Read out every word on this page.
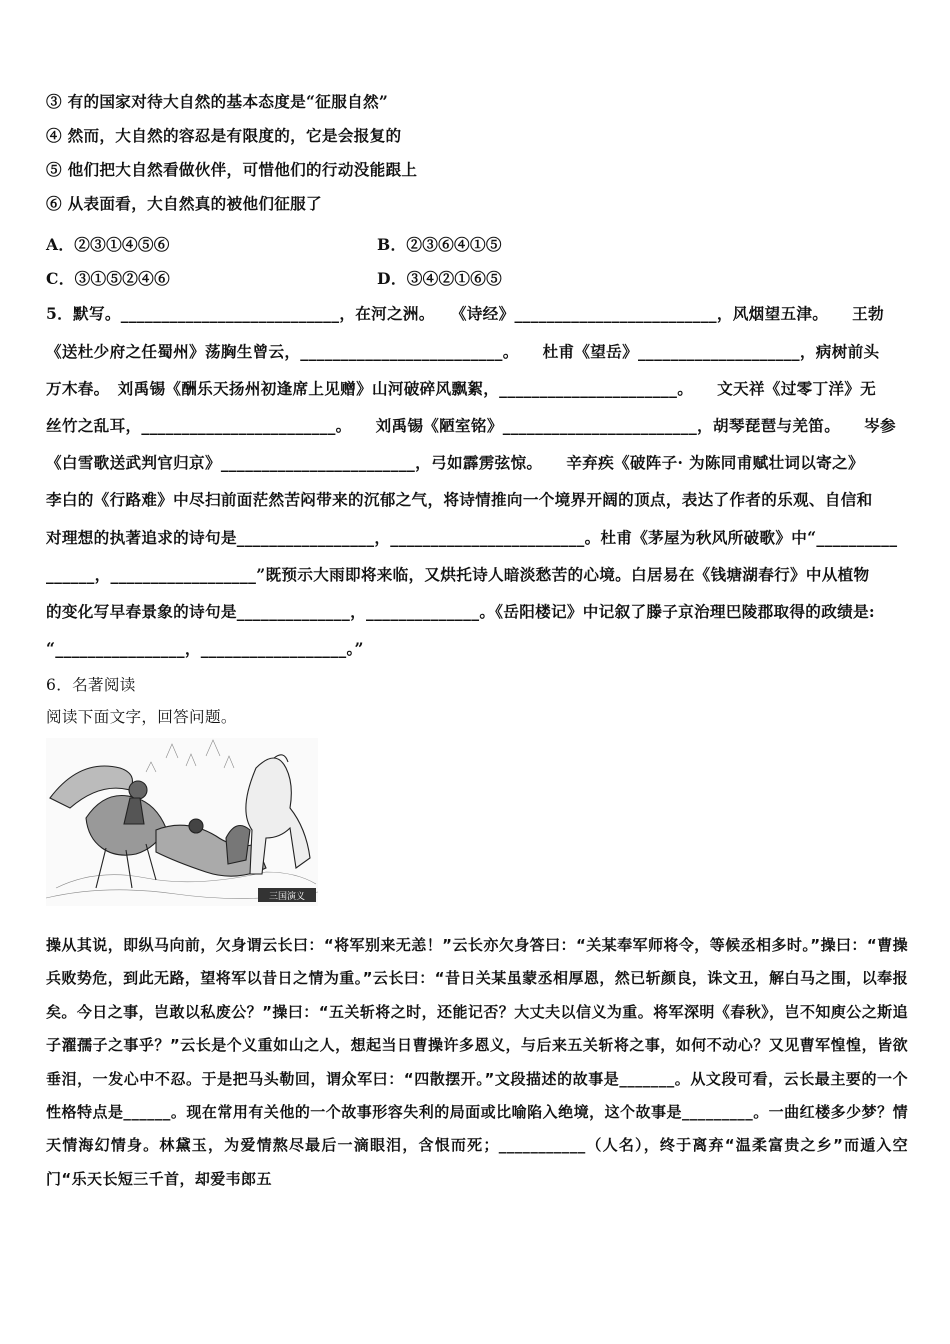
③ 有的国家对待大自然的基本态度是“征服自然”
④ 然而，大自然的容忍是有限度的，它是会报复的
⑤ 他们把大自然看做伙伴，可惜他们的行动没能跟上
⑥ 从表面看，大自然真的被他们征服了
A．②③①④⑤⑥	B．②③⑥④①⑤
C．③①⑤②④⑥	D．③④②①⑥⑤
5．默写。___________________________，在河之洲。　　《诗经》_________________________，风烟望五津。　　王勃
《送杜少府之任蜀州》荡胸生曾云，_________________________。　　杜甫《望岳》____________________，病树前头
万木春。　刘禹锡《酬乐天扬州初逢席上见赠》山河破碎风飘絮，______________________。　　文天祥《过零丁洋》无
丝竹之乱耳，________________________。　　刘禹锡《陋室铭》________________________，胡琴琵琶与羌笛。　　岑参
《白雪歌送武判官归京》________________________，弓如霹雳弦惊。　　辛弃疾《破阵子· 为陈同甫赋壮词以寄之》
李白的《行路难》中尽扫前面茫然苦闷带来的沉郁之气，将诗情推向一个境界开阔的顶点，表达了作者的乐观、自信和
对理想的执著追求的诗句是_________________，________________________。杜甫《茅屋为秋风所破歌》中“__________
______，__________________”既预示大雨即将来临，又烘托诗人暗淡愁苦的心境。白居易在《钱塘湖春行》中从植物
的变化写早春景象的诗句是______________，______________。《岳阳楼记》中记叙了滕子京治理巴陵郡取得的政绩是:
“________________，__________________。”
6．名著阅读
阅读下面文字，回答问题。
三国演义
操从其说，即纵马向前，欠身谓云长曰：“将军别来无恙！”云长亦欠身答曰：“关某奉军师将令，等候丞相多时。”操曰：“曹操兵败势危，到此无路，望将军以昔日之情为重。”云长曰：“昔日关某虽蒙丞相厚恩，然已斩颜良，诛文丑，解白马之围，以奉报矣。今日之事，岂敢以私废公？”操曰：“五关斩将之时，还能记否？大丈夫以信义为重。将军深明《春秋》，岂不知庾公之斯追子濯孺子之事乎？”云长是个义重如山之人，想起当日曹操许多恩义，与后来五关斩将之事，如何不动心？又见曹军惶惶，皆欲垂泪，一发心中不忍。于是把马头勒回，谓众军曰：“四散摆开。”文段描述的故事是_______。从文段可看，云长最主要的一个性格特点是______。现在常用有关他的一个故事形容失利的局面或比喻陷入绝境，这个故事是_________。一曲红楼多少梦？情天情海幻情身。林黛玉，为爱情熬尽最后一滴眼泪，含恨而死；___________（人名），终于离弃“温柔富贵之乡”而遁入空门“乐天长短三千首，却爱韦郎五
